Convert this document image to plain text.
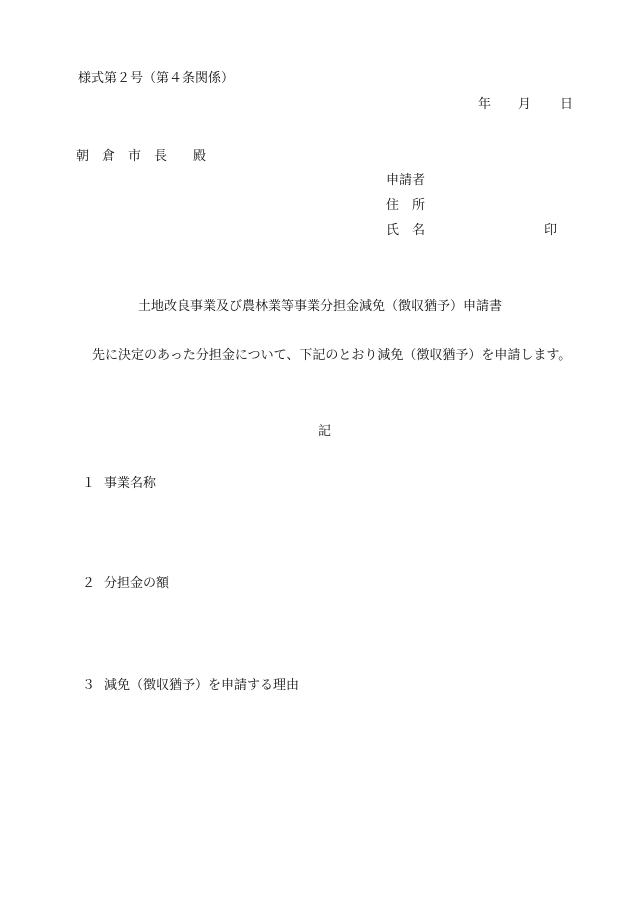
様式第２号（第４条関係）
年 月 日
朝　倉　市　長　　殿
申請者
住　所
氏　名	印
土地改良事業及び農林業等事業分担金減免（徴収猶予）申請書
先に決定のあった分担金について、下記のとおり減免（徴収猶予）を申請します。
記
１ 事業名称
２ 分担金の額
３ 減免（徴収猶予）を申請する理由
